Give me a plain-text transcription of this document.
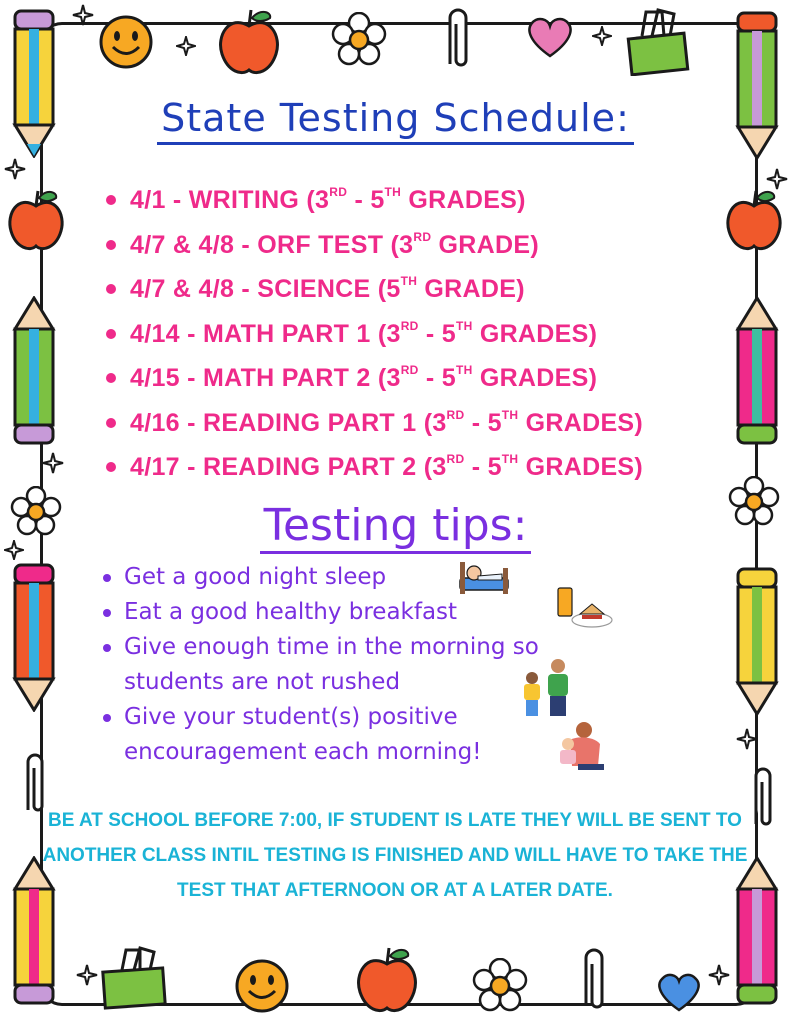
State Testing Schedule:
4/1 - WRITING (3RD - 5TH GRADES)
4/7 & 4/8 - ORF TEST (3RD GRADE)
4/7 & 4/8 - SCIENCE (5TH GRADE)
4/14 - MATH PART 1 (3RD - 5TH GRADES)
4/15 - MATH PART 2 (3RD - 5TH GRADES)
4/16 - READING PART 1 (3RD - 5TH GRADES)
4/17 - READING PART 2 (3RD - 5TH GRADES)
Testing tips:
Get a good night sleep
Eat a good healthy breakfast
Give enough time in the morning so students are not rushed
Give your student(s) positive encouragement each morning!
BE AT SCHOOL BEFORE 7:00, IF STUDENT IS LATE THEY WILL BE SENT TO ANOTHER CLASS INTIL TESTING IS FINISHED AND WILL HAVE TO TAKE THE TEST THAT AFTERNOON OR AT A LATER DATE.
